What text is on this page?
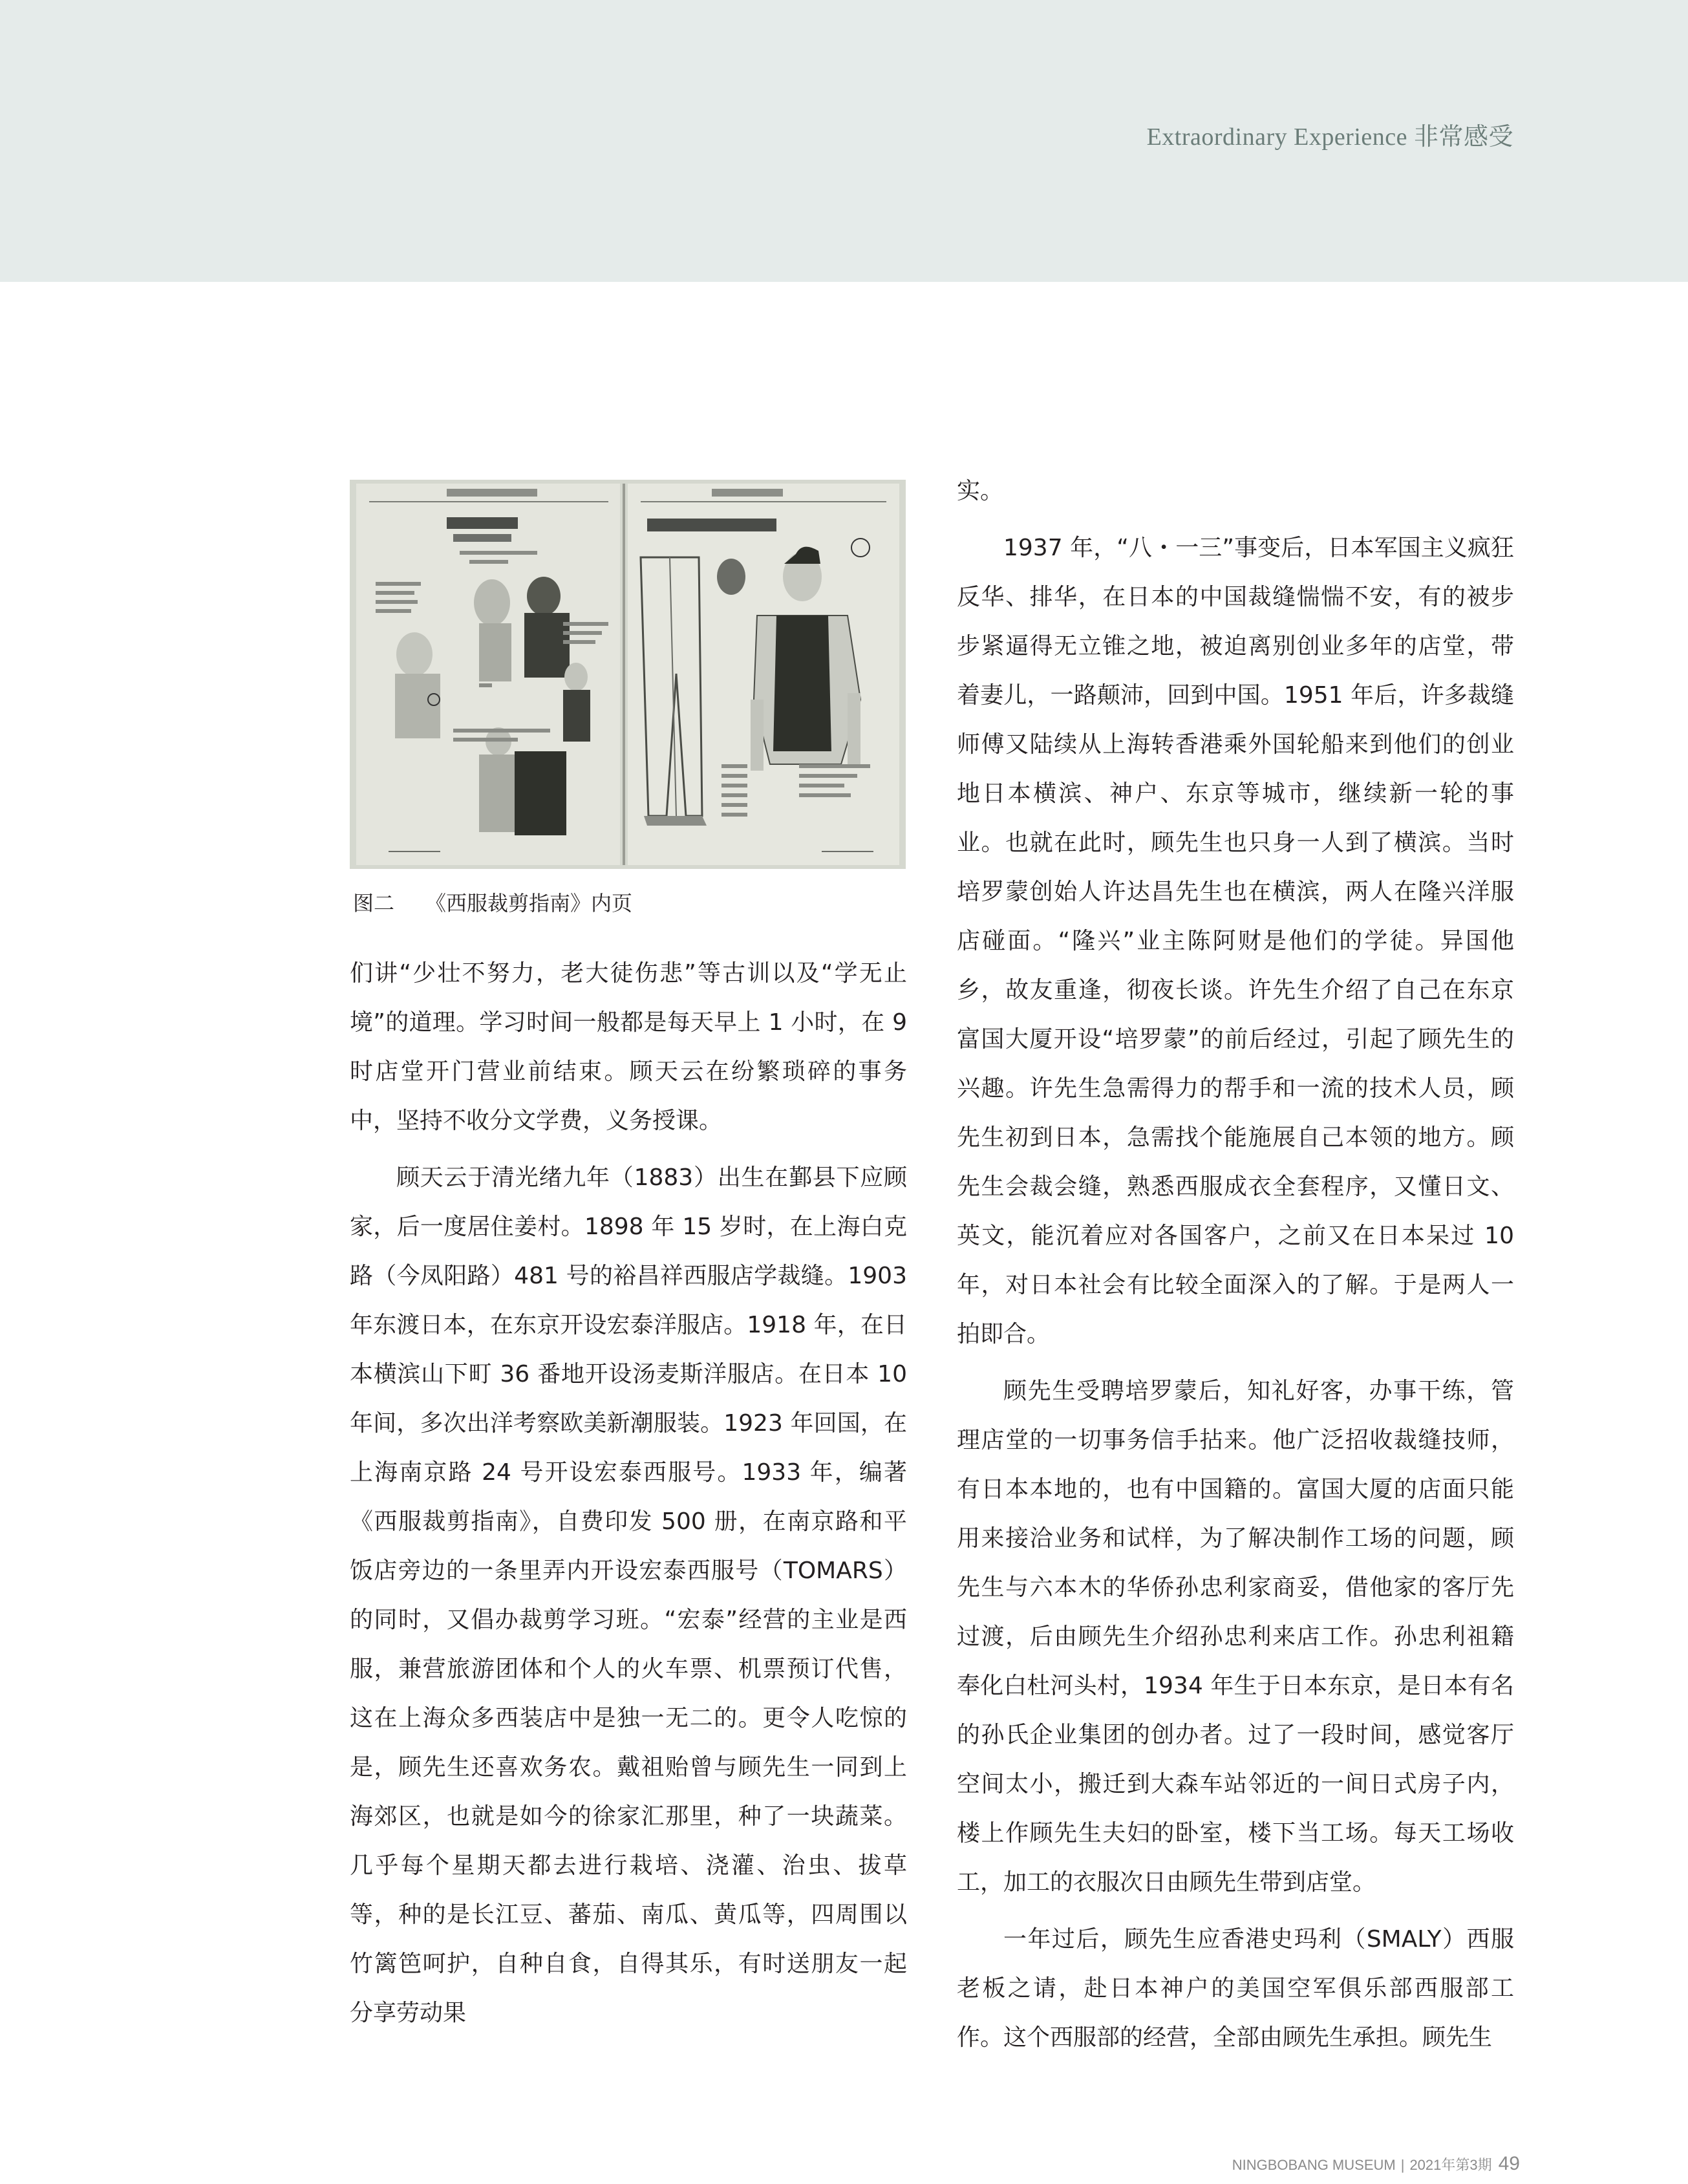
Extraordinary Experience 非常感受
图二 《西服裁剪指南》内页

们讲“少壮不努力，老大徒伤悲”等古训以及“学无止境”的道理。学习时间一般都是每天早上 1 小时，在 9 时店堂开门营业前结束。顾天云在纷繁琐碎的事务中，坚持不收分文学费，义务授课。

顾天云于清光绪九年（1883）出生在鄞县下应顾家，后一度居住姜村。1898 年 15 岁时，在上海白克路（今凤阳路）481 号的裕昌祥西服店学裁缝。1903 年东渡日本，在东京开设宏泰洋服店。1918 年，在日本横滨山下町 36 番地开设汤麦斯洋服店。在日本 10 年间，多次出洋考察欧美新潮服装。1923 年回国，在上海南京路 24 号开设宏泰西服号。1933 年，编著《西服裁剪指南》，自费印发 500 册，在南京路和平饭店旁边的一条里弄内开设宏泰西服号（TOMARS）的同时，又倡办裁剪学习班。“宏泰”经营的主业是西服，兼营旅游团体和个人的火车票、机票预订代售，这在上海众多西装店中是独一无二的。更令人吃惊的是，顾先生还喜欢务农。戴祖贻曾与顾先生一同到上海郊区，也就是如今的徐家汇那里，种了一块蔬菜。几乎每个星期天都去进行栽培、浇灌、治虫、拔草等，种的是长江豆、蕃茄、南瓜、黄瓜等，四周围以竹篱笆呵护，自种自食，自得其乐，有时送朋友一起分享劳动果

实。

1937 年，“八・一三”事变后，日本军国主义疯狂反华、排华，在日本的中国裁缝惴惴不安，有的被步步紧逼得无立锥之地，被迫离别创业多年的店堂，带着妻儿，一路颠沛，回到中国。1951 年后，许多裁缝师傅又陆续从上海转香港乘外国轮船来到他们的创业地日本横滨、神户、东京等城市，继续新一轮的事业。也就在此时，顾先生也只身一人到了横滨。当时培罗蒙创始人许达昌先生也在横滨，两人在隆兴洋服店碰面。“隆兴”业主陈阿财是他们的学徒。异国他乡，故友重逢，彻夜长谈。许先生介绍了自己在东京富国大厦开设“培罗蒙”的前后经过，引起了顾先生的兴趣。许先生急需得力的帮手和一流的技术人员，顾先生初到日本，急需找个能施展自己本领的地方。顾先生会裁会缝，熟悉西服成衣全套程序，又懂日文、英文，能沉着应对各国客户，之前又在日本呆过 10 年，对日本社会有比较全面深入的了解。于是两人一拍即合。

顾先生受聘培罗蒙后，知礼好客，办事干练，管理店堂的一切事务信手拈来。他广泛招收裁缝技师，有日本本地的，也有中国籍的。富国大厦的店面只能用来接洽业务和试样，为了解决制作工场的问题，顾先生与六本木的华侨孙忠利家商妥，借他家的客厅先过渡，后由顾先生介绍孙忠利来店工作。孙忠利祖籍奉化白杜河头村，1934 年生于日本东京，是日本有名的孙氏企业集团的创办者。过了一段时间，感觉客厅空间太小，搬迁到大森车站邻近的一间日式房子内，楼上作顾先生夫妇的卧室，楼下当工场。每天工场收工，加工的衣服次日由顾先生带到店堂。

一年过后，顾先生应香港史玛利（SMALY）西服老板之请，赴日本神户的美国空军俱乐部西服部工作。这个西服部的经营，全部由顾先生承担。顾先生

NINGBOBANG MUSEUM | 2021年第3期 49
